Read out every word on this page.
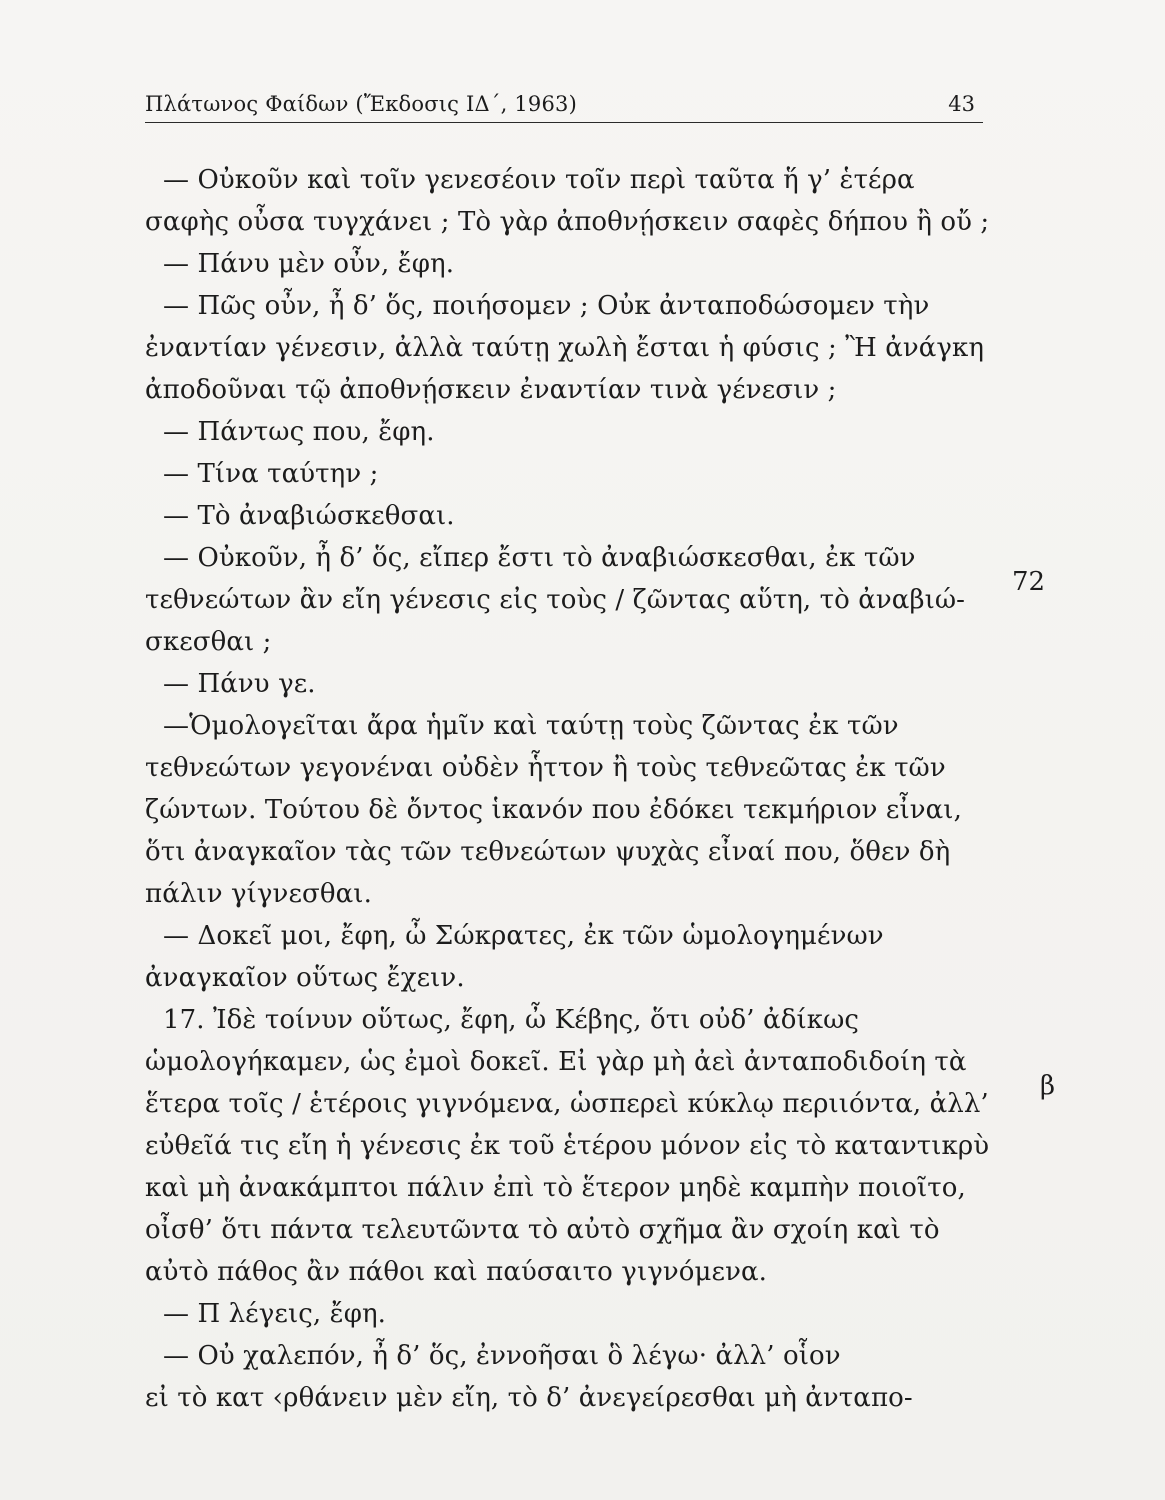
Πλάτωνος Φαίδων (Ἔκδοσις ΙΔ΄, 1963)	43
— Οὐκοῦν καὶ τοῖν γενεσέοιν τοῖν περὶ ταῦτα ἥ γ’ ἑτέρα
σαφὴς οὖσα τυγχάνει ; Τὸ γὰρ ἀποθνῄσκειν σαφὲς δήπου ἢ οὔ ;
— Πάνυ μὲν οὖν, ἔφη.
— Πῶς οὖν, ἦ δ’ ὅς, ποιήσομεν ; Οὐκ ἀνταποδώσομεν τὴν
ἐναντίαν γένεσιν, ἀλλὰ ταύτῃ χωλὴ ἔσται ἡ φύσις ; Ἢ ἀνάγκη
ἀποδοῦναι τῷ ἀποθνῄσκειν ἐναντίαν τινὰ γένεσιν ;
— Πάντως που, ἔφη.
— Τίνα ταύτην ;
— Τὸ ἀναβιώσκεθσαι.
— Οὐκοῦν, ἦ δ’ ὅς, εἴπερ ἔστι τὸ ἀναβιώσκεσθαι, ἐκ τῶν
τεθνεώτων ἂν εἴη γένεσις εἰς τοὺς / ζῶντας αὕτη, τὸ ἀναβιώ-
σκεσθαι ;
— Πάνυ γε.
—Ὁμολογεῖται ἄρα ἡμῖν καὶ ταύτῃ τοὺς ζῶντας ἐκ τῶν
τεθνεώτων γεγονέναι οὐδὲν ἧττον ἢ τοὺς τεθνεῶτας ἐκ τῶν
ζώντων. Τούτου δὲ ὄντος ἱκανόν που ἐδόκει τεκμήριον εἶναι,
ὅτι ἀναγκαῖον τὰς τῶν τεθνεώτων ψυχὰς εἶναί που, ὅθεν δὴ
πάλιν γίγνεσθαι.
— Δοκεῖ μοι, ἔφη, ὦ Σώκρατες, ἐκ τῶν ὡμολογημένων
ἀναγκαῖον οὕτως ἔχειν.
17. Ἰδὲ τοίνυν οὕτως, ἔφη, ὦ Κέβης, ὅτι οὐδ’ ἀδίκως
ὡμολογήκαμεν, ὡς ἐμοὶ δοκεῖ. Εἰ γὰρ μὴ ἀεὶ ἀνταποδιδοίη τὰ
ἕτερα τοῖς / ἑτέροις γιγνόμενα, ὡσπερεὶ κύκλῳ περιιόντα, ἀλλ’
εὐθεῖά τις εἴη ἡ γένεσις ἐκ τοῦ ἑτέρου μόνον εἰς τὸ καταντικρὺ
καὶ μὴ ἀνακάμπτοι πάλιν ἐπὶ τὸ ἕτερον μηδὲ καμπὴν ποιοῖτο,
οἶσθ’ ὅτι πάντα τελευτῶντα τὸ αὐτὸ σχῆμα ἂν σχοίη καὶ τὸ
αὐτὸ πάθος ἂν πάθοι καὶ παύσαιτο γιγνόμενα.
— Π λέγεις, ἔφη.
— Οὐ χαλεπόν, ἦ δ’ ὅς, ἐννοῆσαι ὃ λέγω· ἀλλ’ οἷον
εἰ τὸ κατ ‹ρθάνειν μὲν εἴη, τὸ δ’ ἀνεγείρεσθαι μὴ ἀνταπο-
72
β
